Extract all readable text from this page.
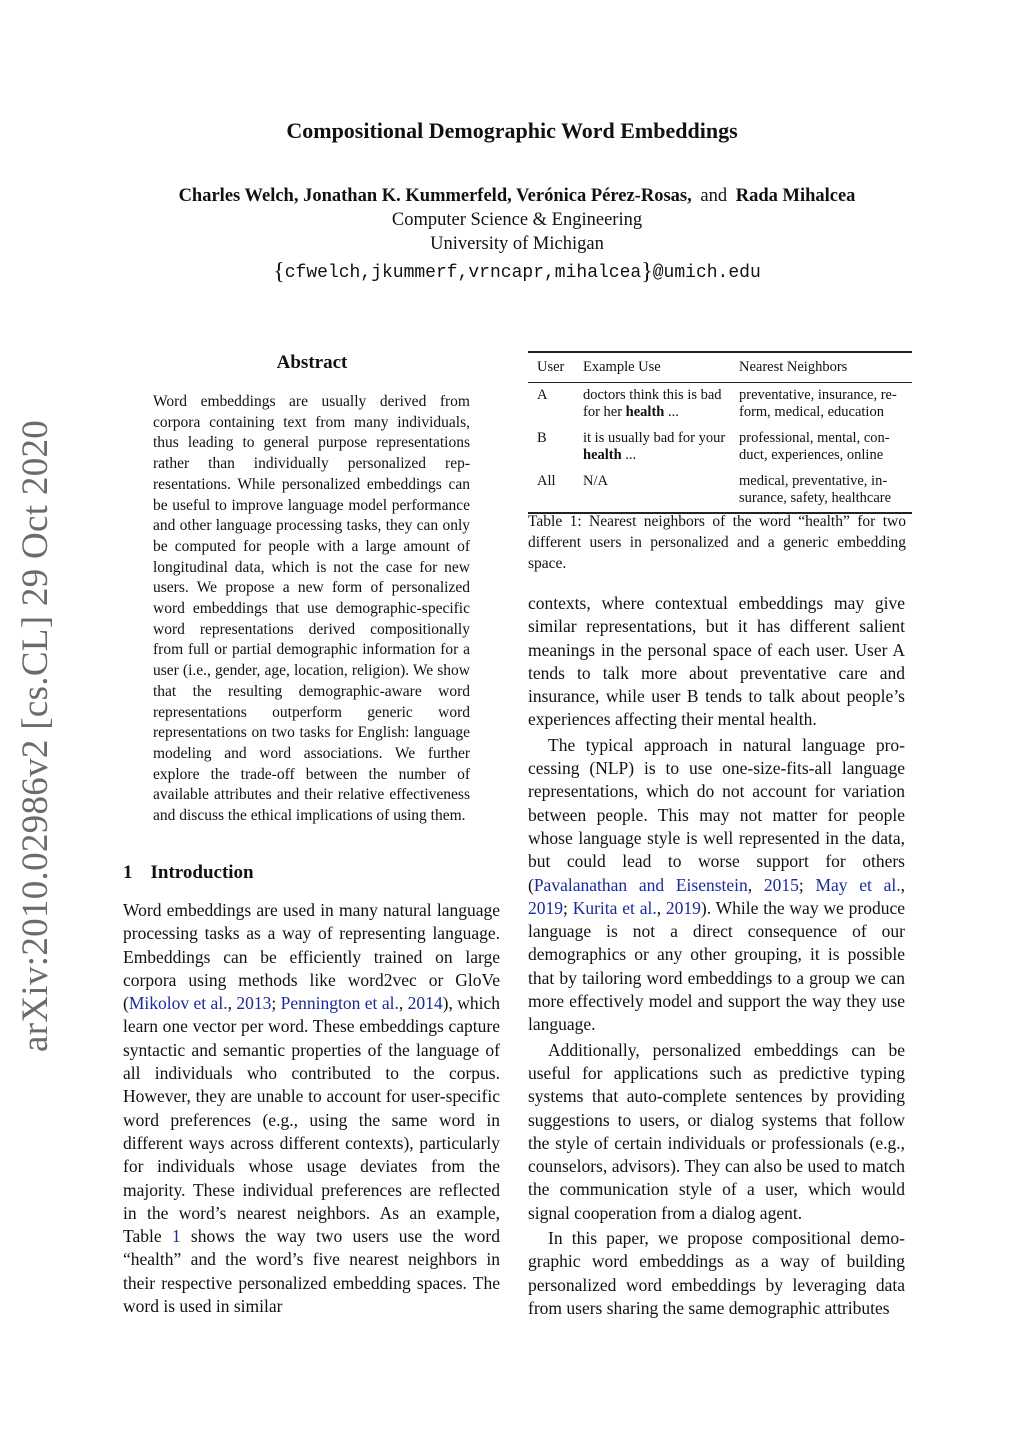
Compositional Demographic Word Embeddings
Charles Welch, Jonathan K. Kummerfeld, Verónica Pérez-Rosas, and Rada Mihalcea
Computer Science & Engineering
University of Michigan
{cfwelch,jkummerf,vrncapr,mihalcea}@umich.edu
arXiv:2010.02986v2 [cs.CL] 29 Oct 2020
Abstract
Word embeddings are usually derived from corpora containing text from many individuals, thus leading to general purpose representations rather than individually personalized representations. While personalized embeddings can be useful to improve language model performance and other language processing tasks, they can only be computed for people with a large amount of longitudinal data, which is not the case for new users. We propose a new form of personalized word embeddings that use demographic-specific word representations derived compositionally from full or partial demographic information for a user (i.e., gender, age, location, religion). We show that the resulting demographic-aware word representations outperform generic word representations on two tasks for English: language modeling and word associations. We further explore the trade-off between the number of available attributes and their relative effectiveness and discuss the ethical implications of using them.
1 Introduction

Word embeddings are used in many natural language processing tasks as a way of representing language. Embeddings can be efficiently trained on large corpora using methods like word2vec or GloVe (Mikolov et al., 2013; Pennington et al., 2014), which learn one vector per word. These embeddings capture syntactic and semantic properties of the language of all individuals who contributed to the corpus. However, they are unable to account for user-specific word preferences (e.g., using the same word in different ways across different contexts), particularly for individuals whose usage deviates from the majority. These individual preferences are reflected in the word’s nearest neighbors. As an example, Table 1 shows the way two users use the word “health” and the word’s five nearest neighbors in their respective personalized embedding spaces. The word is used in similar

User	Example Use	Nearest Neighbors
A	doctors think this is bad for her health ...	preventative, insurance, reform, medical, education
B	it is usually bad for your health ...	professional, mental, conduct, experiences, online
All	N/A	medical, preventative, insurance, safety, healthcare
Table 1: Nearest neighbors of the word “health” for two different users in personalized and a generic embedding space.

contexts, where contextual embeddings may give similar representations, but it has different salient meanings in the personal space of each user. User A tends to talk more about preventative care and insurance, while user B tends to talk about people’s experiences affecting their mental health.

The typical approach in natural language processing (NLP) is to use one-size-fits-all language representations, which do not account for variation between people. This may not matter for people whose language style is well represented in the data, but could lead to worse support for others (Pavalanathan and Eisenstein, 2015; May et al., 2019; Kurita et al., 2019). While the way we produce language is not a direct consequence of our demographics or any other grouping, it is possible that by tailoring word embeddings to a group we can more effectively model and support the way they use language.

Additionally, personalized embeddings can be useful for applications such as predictive typing systems that auto-complete sentences by providing suggestions to users, or dialog systems that follow the style of certain individuals or professionals (e.g., counselors, advisors). They can also be used to match the communication style of a user, which would signal cooperation from a dialog agent.

In this paper, we propose compositional demographic word embeddings as a way of building personalized word embeddings by leveraging data from users sharing the same demographic attributes
